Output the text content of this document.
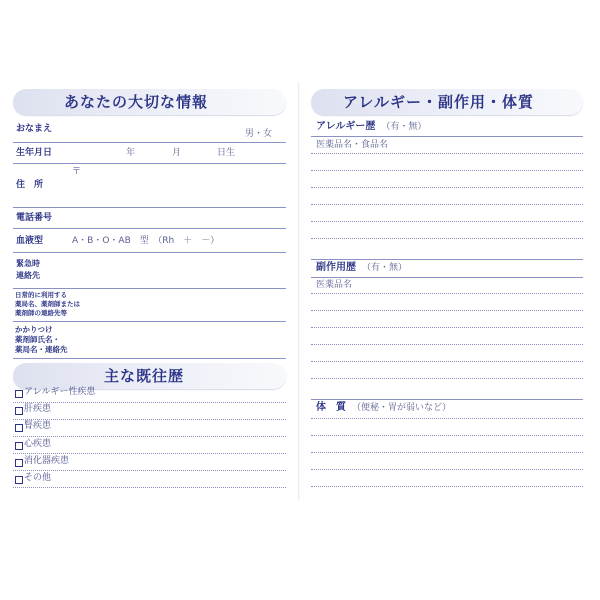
あなたの大切な情報
おなまえ	男・女
生年月日	年	月	日生
〒
住　所
電話番号
血液型	A・B・O・AB　型　（Rh　＋　－）
緊急時
連絡先
日常的に利用する
薬局名、薬剤師または
薬剤師の連絡先等
かかりつけ
薬剤師氏名・
薬局名・連絡先
主な既往歴
アレルギー性疾患
肝疾患
腎疾患
心疾患
消化器疾患
その他
アレルギー・副作用・体質
アレルギー歴 （有・無）
医薬品名・食品名
副作用歴 （有・無）
医薬品名
体　質 （便秘・胃が弱いなど）
